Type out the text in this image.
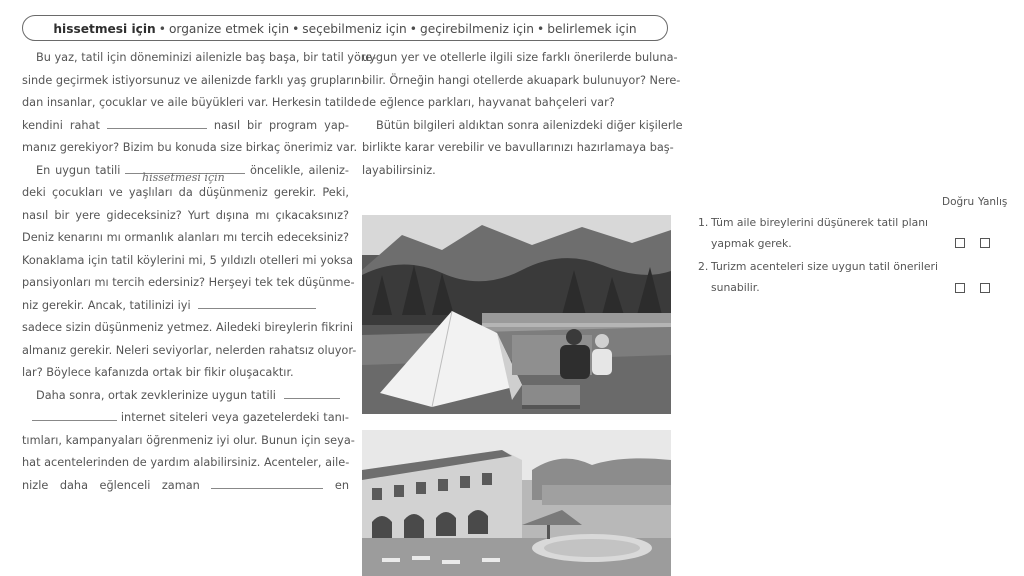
hissetmesi için • organize etmek için • seçebilmeniz için • geçirebilmeniz için • belirlemek için
Bu yaz, tatil için döneminizi ailenizle baş başa, bir tatil yöre-
sinde geçirmek istiyorsunuz ve ailenizde farklı yaş grupların-
dan insanlar, çocuklar ve aile büyükleri var. Herkesin tatilde
kendini rahat	nasıl bir program yap-
manız gerekiyor? Bizim bu konuda size birkaç önerimiz var.
En uygun tatili	öncelikle, aileniz-
deki çocukları ve yaşlıları da düşünmeniz gerekir. Peki,
nasıl bir yere gideceksiniz? Yurt dışına mı çıkacaksınız?
Deniz kenarını mı ormanlık alanları mı tercih edeceksiniz?
Konaklama için tatil köylerini mi, 5 yıldızlı otelleri mi yoksa
pansiyonları mı tercih edersiniz? Herşeyi tek tek düşünme-
niz gerekir. Ancak, tatilinizi iyi
sadece sizin düşünmeniz yetmez. Ailedeki bireylerin fikrini
almanız gerekir. Neleri seviyorlar, nelerden rahatsız oluyor-
lar? Böylece kafanızda ortak bir fikir oluşacaktır.
Daha sonra, ortak zevklerinize uygun tatili
internet siteleri veya gazetelerdeki tanı-
tımları, kampanyaları öğrenmeniz iyi olur. Bunun için seya-
hat acentelerinden de yardım alabilirsiniz. Acenteler, aile-
nizle daha eğlenceli zaman	en
hissetmesi için
uygun yer ve otellerle ilgili size farklı önerilerde buluna-
bilir. Örneğin hangi otellerde akuapark bulunuyor? Nere-
de eğlence parkları, hayvanat bahçeleri var?
Bütün bilgileri aldıktan sonra ailenizdeki diğer kişilerle
birlikte karar verebilir ve bavullarınızı hazırlamaya baş-
layabilirsiniz.
Doğru Yanlış
1. Tüm aile bireylerini düşünerek tatil planı
yapmak gerek.
2. Turizm acenteleri size uygun tatil önerileri
sunabilir.
